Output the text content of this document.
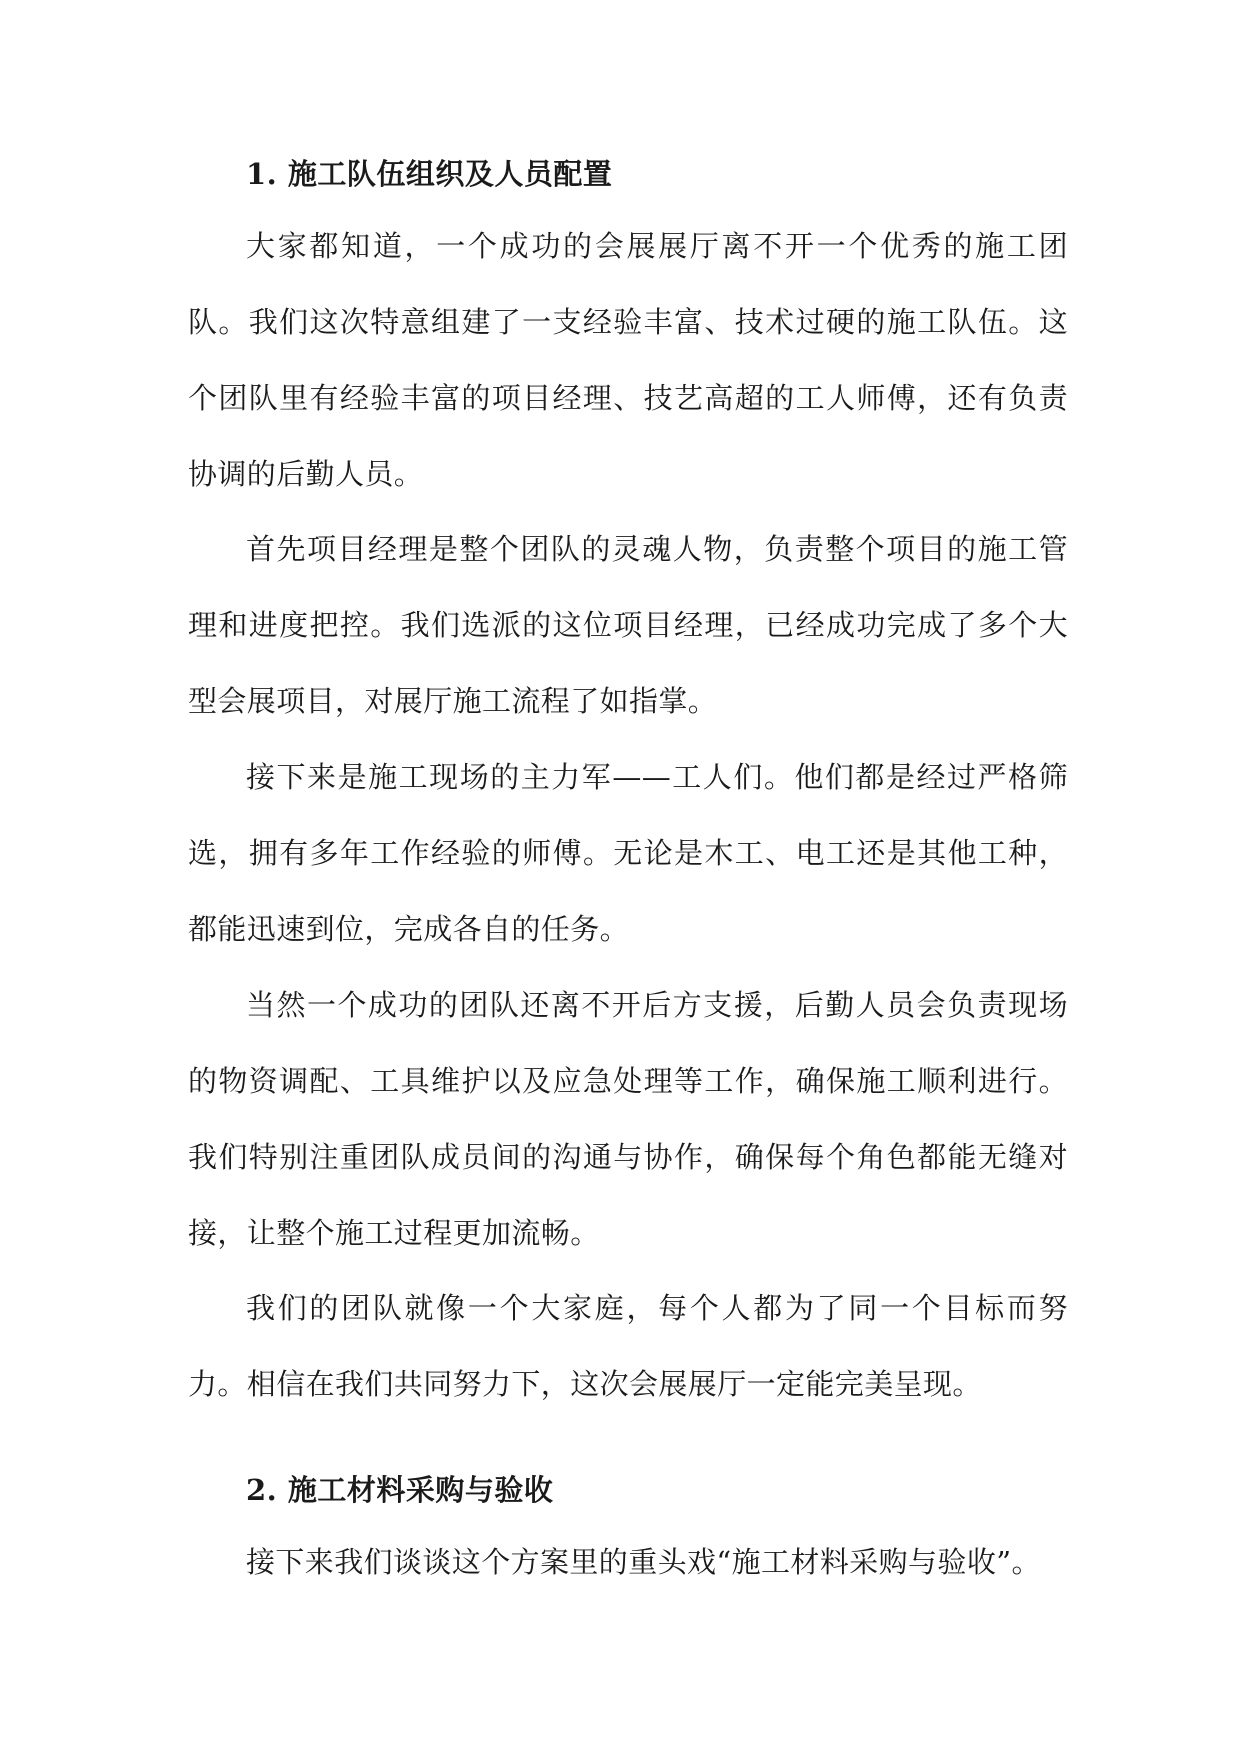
1. 施工队伍组织及人员配置

大家都知道，一个成功的会展展厅离不开一个优秀的施工团队。我们这次特意组建了一支经验丰富、技术过硬的施工队伍。这个团队里有经验丰富的项目经理、技艺高超的工人师傅，还有负责协调的后勤人员。

首先项目经理是整个团队的灵魂人物，负责整个项目的施工管理和进度把控。我们选派的这位项目经理，已经成功完成了多个大型会展项目，对展厅施工流程了如指掌。

接下来是施工现场的主力军——工人们。他们都是经过严格筛选，拥有多年工作经验的师傅。无论是木工、电工还是其他工种，都能迅速到位，完成各自的任务。

当然一个成功的团队还离不开后方支援，后勤人员会负责现场的物资调配、工具维护以及应急处理等工作，确保施工顺利进行。我们特别注重团队成员间的沟通与协作，确保每个角色都能无缝对接，让整个施工过程更加流畅。

我们的团队就像一个大家庭，每个人都为了同一个目标而努力。相信在我们共同努力下，这次会展展厅一定能完美呈现。

2. 施工材料采购与验收

接下来我们谈谈这个方案里的重头戏“施工材料采购与验收”。
